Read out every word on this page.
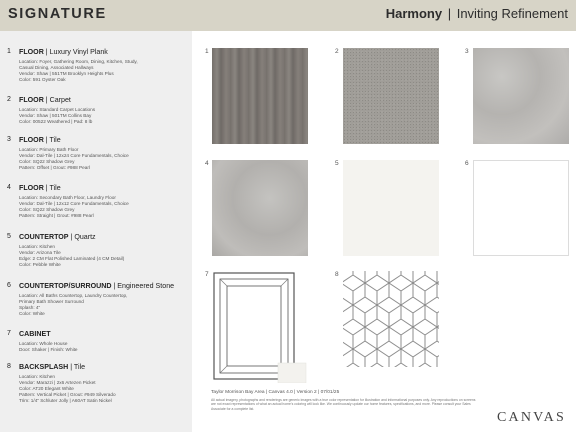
SIGNATURE	Harmony | Inviting Refinement
1 FLOOR | Luxury Vinyl Plank
Location: Foyer, Gathering Room, Dining, Kitchen, Study,
Casual Dining, Associated Hallways
Vendor: Shaw | 551TM Brooklyn Heights Plus
Color: 591 Oyster Oak
2 FLOOR | Carpet
Location: Standard Carpet Locations
Vendor: Shaw | 501TM Collins Bay
Color: 00522 Weathered | Pad: 8 lb
3 FLOOR | Tile
Location: Primary Bath Floor
Vendor: Dal-Tile | 12x24 Core Fundamentals, Choice
Color: SQ22 Shadow Grey
Pattern: Offset | Grout: #988 Pearl
4 FLOOR | Tile
Location: Secondary Bath Floor, Laundry Floor
Vendor: Dal-Tile | 12x12 Core Fundamentals, Choice
Color: SQ22 Shadow Grey
Pattern: Straight | Grout: #988 Pearl
5 COUNTERTOP | Quartz
Location: Kitchen
Vendor: Arizona Tile
Edge: 2 CM Flat Polished Laminated (4 CM Detail)
Color: Pebble White
6 COUNTERTOP/SURROUND | Engineered Stone
Location: All Baths Countertop, Laundry Countertop,
Primary Bath Shower Surround
Splash: 4"
Color: White
7 CABINET
Location: Whole House
Door: Shaker | Finish: White
8 BACKSPLASH | Tile
Location: Kitchen
Vendor: Marazzi | 2x6 Artezen Picket
Color: AT20 Elegant White
Pattern: Vertical Picket | Grout: #949 Silverado
Trim: 1/4" Schluter Jolly | A60AT Satin Nickel
1	2	3
4	5	6
7	8
Taylor Morrison Bay Area | Canvas 4.0 | Version 2 | 07/01/25
All actual imagery, photographs and renderings are generic images with a true color representation for illustration and informational purposes only. Any reproductions on screens are not exact representations of what an actual home's coloring will look like. We continuously update our home features, specifications, and more. Please consult your Sales Associate for a complete list.
CANVAS
